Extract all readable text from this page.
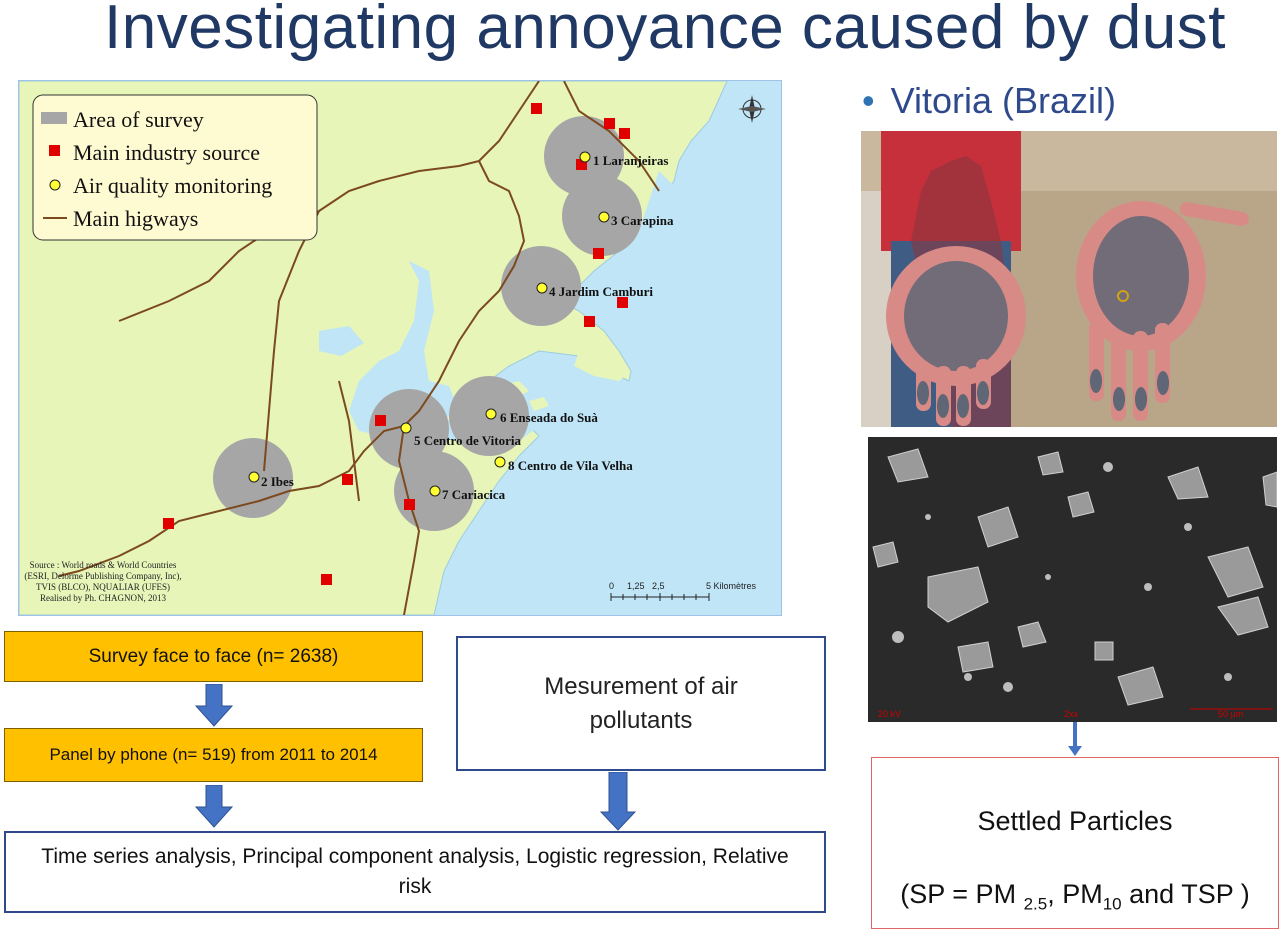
Investigating annoyance caused by dust
• Vitoria (Brazil)
1 Laranjeiras
3 Carapina
4 Jardim Camburi
6 Enseada do Suà
5 Centro de Vitoria
8 Centro de Vila Velha
7 Cariacica
2 Ibes
Area of survey
Main industry source
Air quality monitoring
Main higways
Source : World roads & World Countries
(ESRI, Delorme Publishing Company, Inc),
TVIS (BLCO), NQUALIAR (UFES)
Realised by Ph. CHAGNON, 2013
0 1,25 2,5	5 Kilomètres
20 kV	2xx	50 µm
Survey face to face (n= 2638)
Panel by phone (n= 519) from 2011 to 2014
Mesurement of air pollutants
Time series analysis, Principal component analysis, Logistic regression, Relative risk
Settled Particles
(SP = PM $_{2.5}$, $PM_{10}$ and TSP )
